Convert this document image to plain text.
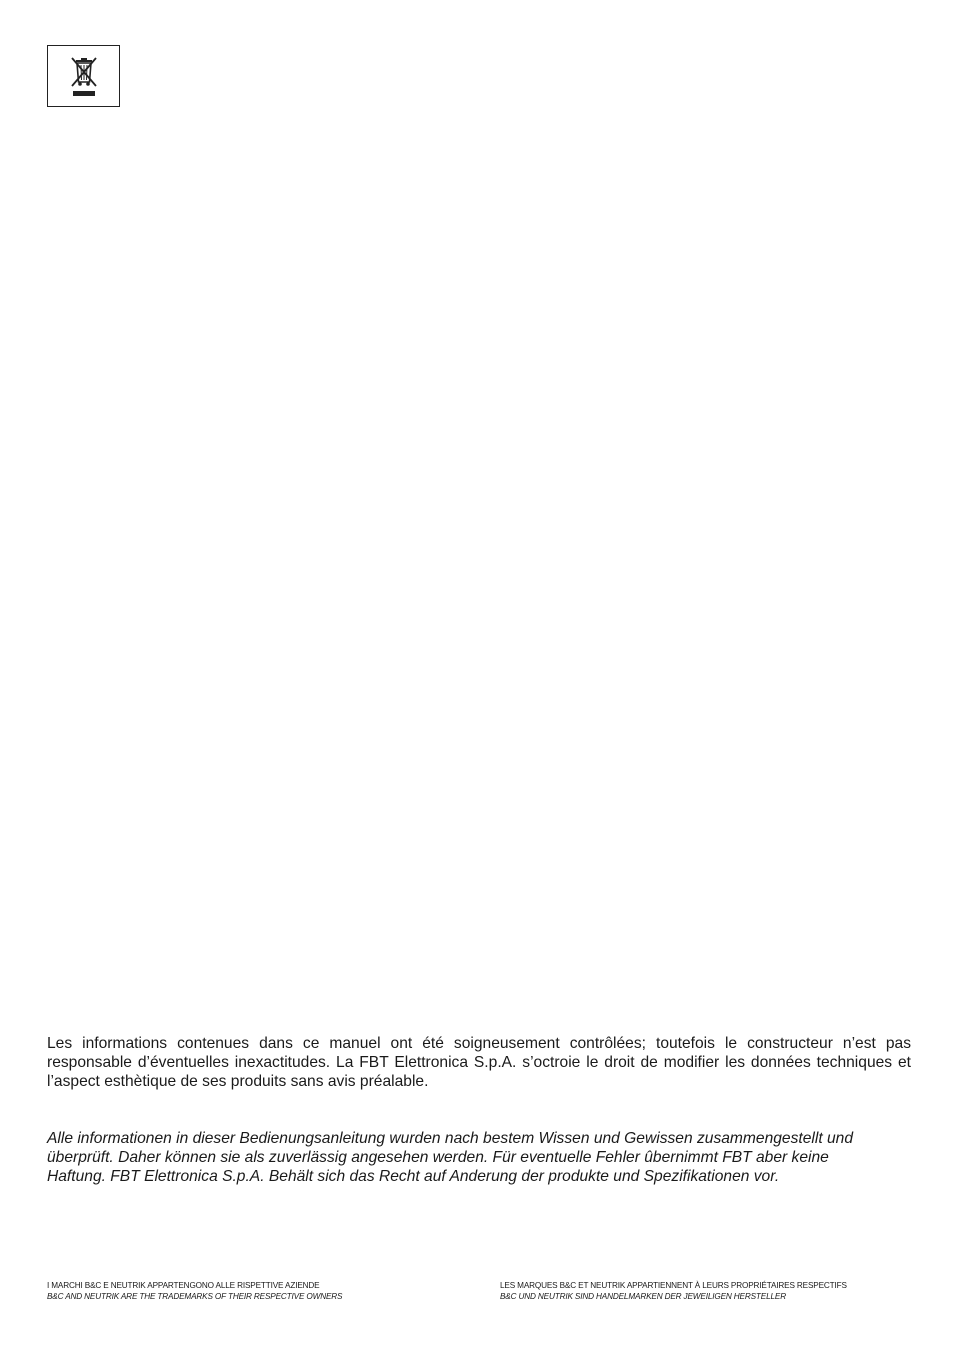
Les informations contenues dans ce manuel ont été soigneusement contrôlées; toutefois le constructeur n’est pas responsable d’éventuelles inexactitudes. La FBT Elettronica S.p.A. s’octroie le droit de modifier les données techniques et l’aspect esthètique de ses produits sans avis préalable.

Alle informationen in dieser Bedienungsanleitung wurden nach bestem Wissen und Gewissen zusammengestellt und
überprüft. Daher können sie als zuverlässig angesehen werden. Für eventuelle Fehler ûbernimmt FBT aber keine
Haftung. FBT Elettronica S.p.A. Behält sich das Recht auf Anderung der produkte und Spezifikationen vor.

I MARCHI B&C E NEUTRIK APPARTENGONO ALLE RISPETTIVE AZIENDE
B&C AND NEUTRIK ARE THE TRADEMARKS OF THEIR RESPECTIVE OWNERS
LES MARQUES B&C ET NEUTRIK APPARTIENNENT À LEURS PROPRIÉTAIRES RESPECTIFS
B&C UND NEUTRIK SIND HANDELMARKEN DER JEWEILIGEN HERSTELLER
